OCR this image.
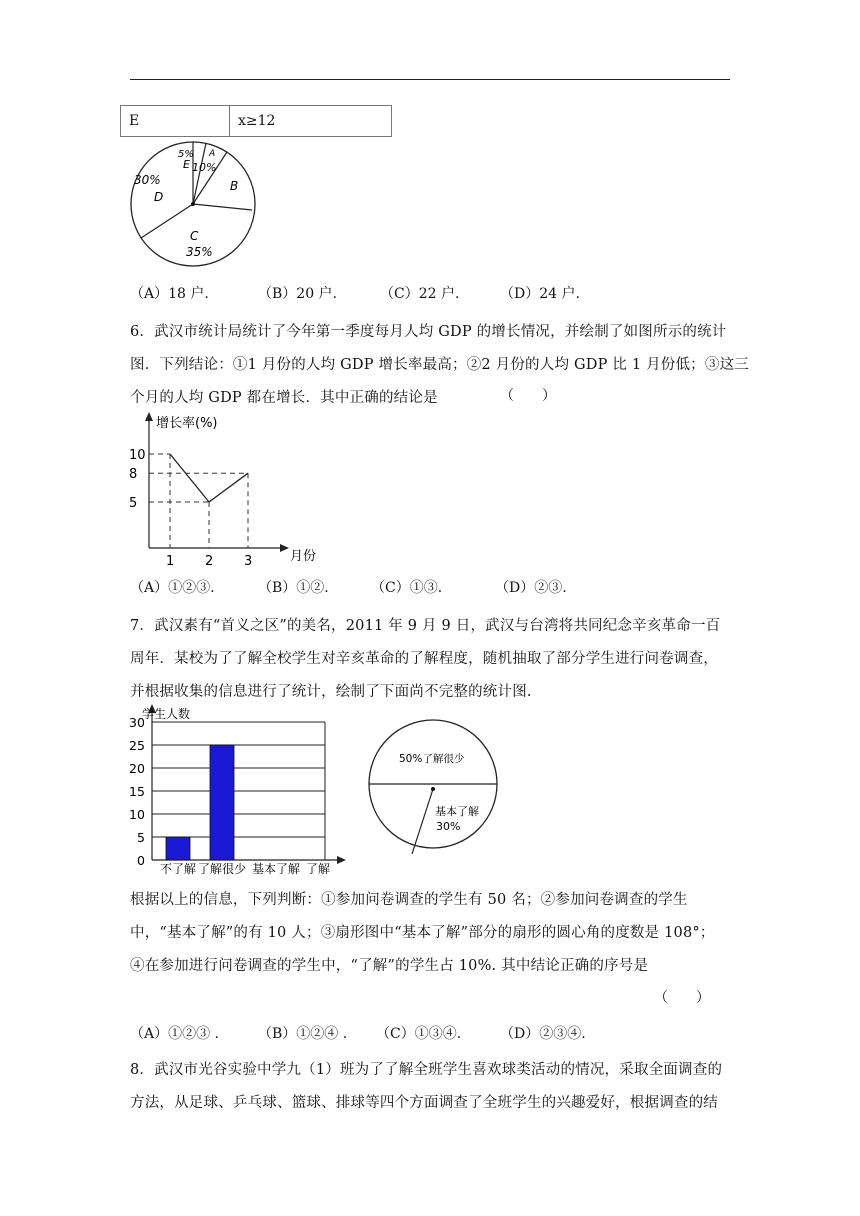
E	x≥12
5%
E
A
10%
B
30%
D
C
35%
（A）18 户.	（B）20 户.	（C）22 户.	（D）24 户.
6．武汉市统计局统计了今年第一季度每月人均 GDP 的增长情况，并绘制了如图所示的统计
图．下列结论：①1 月份的人均 GDP 增长率最高；②2 月份的人均 GDP 比 1 月份低；③这三
个月的人均 GDP 都在增长．其中正确的结论是	（　　）
增长率(%)
月份
1 2 3
10
8
5
（A）①②③.	（B）①②.	（C）①③.	（D）②③.
7．武汉素有“首义之区”的美名，2011 年 9 月 9 日，武汉与台湾将共同纪念辛亥革命一百
周年．某校为了了解全校学生对辛亥革命的了解程度，随机抽取了部分学生进行问卷调查，
并根据收集的信息进行了统计，绘制了下面尚不完整的统计图.
0
5
10
15
20
25
30
不了解 了解很少 基本了解 了解
学生人数
50%了解很少
基本了解
30%
根据以上的信息，下列判断：①参加问卷调查的学生有 50 名；②参加问卷调查的学生
中，“基本了解”的有 10 人；③扇形图中“基本了解”部分的扇形的圆心角的度数是 108°；
④在参加进行问卷调查的学生中，“了解”的学生占 10%. 其中结论正确的序号是
（　　）
（A）①②③ .	（B）①②④ . （C）①③④.	（D）②③④.
8．武汉市光谷实验中学九（1）班为了了解全班学生喜欢球类活动的情况，采取全面调查的
方法，从足球、乒乓球、篮球、排球等四个方面调查了全班学生的兴趣爱好，根据调查的结
